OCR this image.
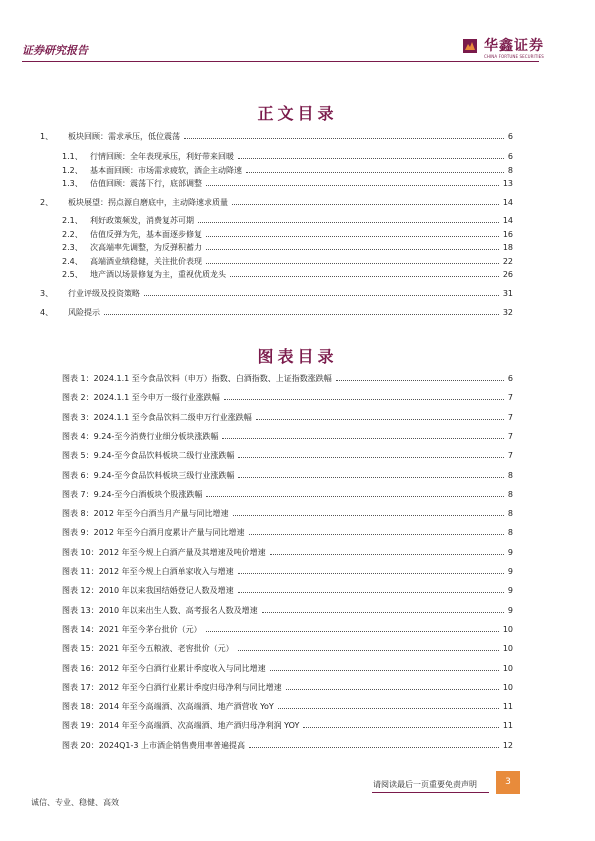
证券研究报告	华鑫证券
CHINA FORTUNE SECURITIES
正文目录
1、	板块回顾：需求承压，低位震荡	6
1.1、 行情回顾：全年表现承压，利好带来回暖	6
1.2、 基本面回顾：市场需求疲软，酒企主动降速	8
1.3、 估值回顾：震荡下行，底部调整	13
2、	板块展望：拐点源自磨底中，主动降速求质量	14
2.1、 利好政策频发，消费复苏可期	14
2.2、 估值反弹为先，基本面逐步修复	16
2.3、 次高端率先调整，为反弹积蓄力	18
2.4、 高端酒业绩稳健，关注批价表现	22
2.5、 地产酒以场景修复为主，重视优质龙头	26
3、	行业评级及投资策略	31
4、	风险提示	32
图表目录
图表 1：2024.1.1 至今食品饮料（申万）指数、白酒指数、上证指数涨跌幅	6
图表 2：2024.1.1 至今申万一级行业涨跌幅	7
图表 3：2024.1.1 至今食品饮料二级申万行业涨跌幅	7
图表 4：9.24-至今消费行业细分板块涨跌幅	7
图表 5：9.24-至今食品饮料板块二级行业涨跌幅	7
图表 6：9.24-至今食品饮料板块三级行业涨跌幅	8
图表 7：9.24-至今白酒板块个股涨跌幅	8
图表 8：2012 年至今白酒当月产量与同比增速	8
图表 9：2012 年至今白酒月度累计产量与同比增速	8
图表 10：2012 年至今规上白酒产量及其增速及吨价增速	9
图表 11：2012 年至今规上白酒单家收入与增速	9
图表 12：2010 年以来我国结婚登记人数及增速	9
图表 13：2010 年以来出生人数、高考报名人数及增速	9
图表 14：2021 年至今茅台批价（元）	10
图表 15：2021 年至今五粮液、老窖批价（元）	10
图表 16：2012 年至今白酒行业累计季度收入与同比增速	10
图表 17：2012 年至今白酒行业累计季度归母净利与同比增速	10
图表 18：2014 年至今高端酒、次高端酒、地产酒营收 YoY	11
图表 19：2014 年至今高端酒、次高端酒、地产酒归母净利润 YOY	11
图表 20：2024Q1-3 上市酒企销售费用率普遍提高	12
请阅读最后一页重要免责声明	3
诚信、专业、稳健、高效
